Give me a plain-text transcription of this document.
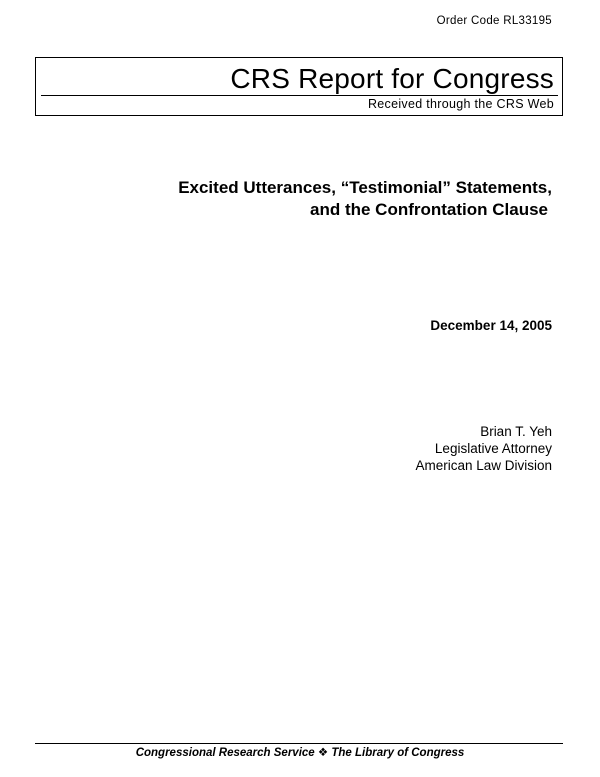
Order Code RL33195
CRS Report for Congress
Received through the CRS Web
Excited Utterances, “Testimonial” Statements,
and the Confrontation Clause
December 14, 2005
Brian T. Yeh
Legislative Attorney
American Law Division
Congressional Research Service ❖ The Library of Congress
